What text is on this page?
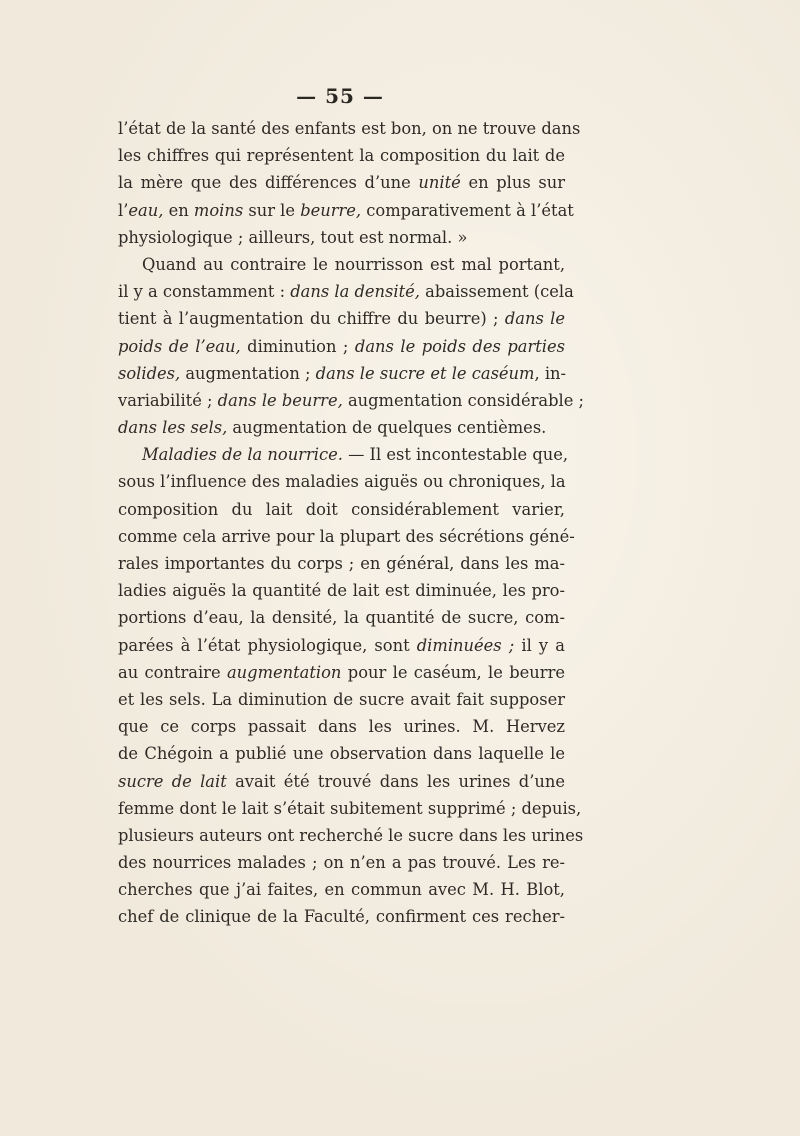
— 55 —
l’état de la santé des enfants est bon, on ne trouve dans
les chiffres qui représentent la composition du lait de
la mère que des différences d’une unité en plus sur
l’eau, en moins sur le beurre, comparativement à l’état
physiologique ; ailleurs, tout est normal. »
Quand au contraire le nourrisson est mal portant,
il y a constamment : dans la densité, abaissement (cela
tient à l’augmentation du chiffre du beurre) ; dans le
poids de l’eau, diminution ; dans le poids des parties
solides, augmentation ; dans le sucre et le caséum, in-
variabilité ; dans le beurre, augmentation considérable ;
dans les sels, augmentation de quelques centièmes.
Maladies de la nourrice. — Il est incontestable que,
sous l’influence des maladies aiguës ou chroniques, la
composition du lait doit considérablement varier,
comme cela arrive pour la plupart des sécrétions géné-
rales importantes du corps ; en général, dans les ma-
ladies aiguës la quantité de lait est diminuée, les pro-
portions d’eau, la densité, la quantité de sucre, com-
parées à l’état physiologique, sont diminuées ; il y a
au contraire augmentation pour le caséum, le beurre
et les sels. La diminution de sucre avait fait supposer
que ce corps passait dans les urines. M. Hervez
de Chégoin a publié une observation dans laquelle le
sucre de lait avait été trouvé dans les urines d’une
femme dont le lait s’était subitement supprimé ; depuis,
plusieurs auteurs ont recherché le sucre dans les urines
des nourrices malades ; on n’en a pas trouvé. Les re-
cherches que j’ai faites, en commun avec M. H. Blot,
chef de clinique de la Faculté, confirment ces recher-
